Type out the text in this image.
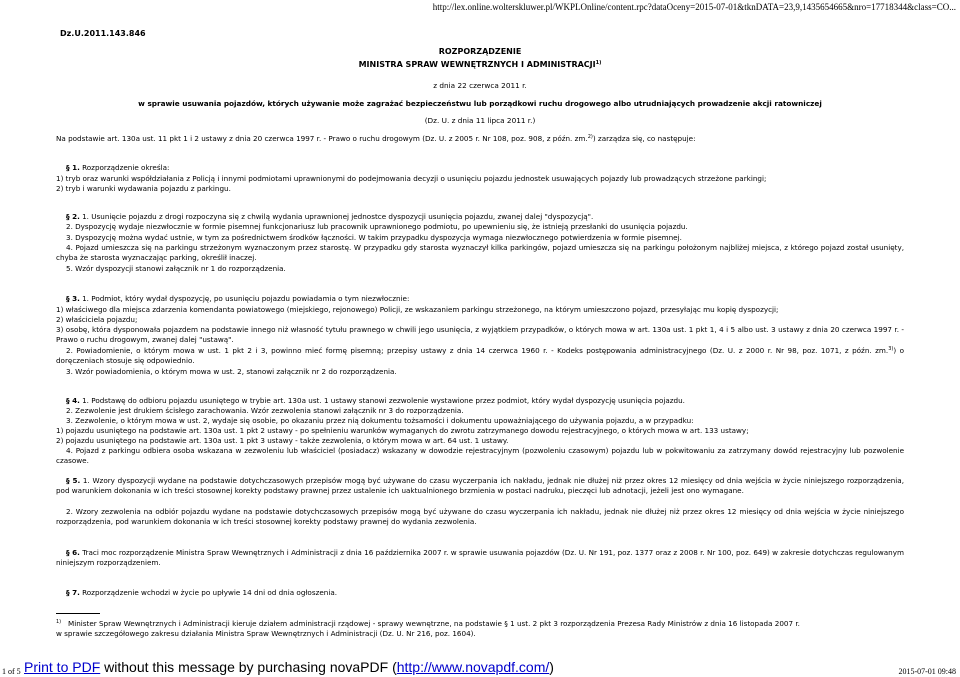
http://lex.online.wolterskluwer.pl/WKPLOnline/content.rpc?dataOceny=2015-07-01&tknDATA=23,9,1435654665&nro=17718344&class=CO...
Dz.U.2011.143.846
ROZPORZĄDZENIE
MINISTRA SPRAW WEWNĘTRZNYCH I ADMINISTRACJI$^{1)}$
z dnia 22 czerwca 2011 r.
w sprawie usuwania pojazdów, których używanie może zagrażać bezpieczeństwu lub porządkowi ruchu drogowego albo utrudniających prowadzenie akcji ratowniczej
(Dz. U. z dnia 11 lipca 2011 r.)
Na podstawie art. 130a ust. 11 pkt 1 i 2 ustawy z dnia 20 czerwca 1997 r. - Prawo o ruchu drogowym (Dz. U. z 2005 r. Nr 108, poz. 908, z późn. zm.$^{2)}$) zarządza się, co następuje:
§ 1. Rozporządzenie określa:
1) tryb oraz warunki współdziałania z Policją i innymi podmiotami uprawnionymi do podejmowania decyzji o usunięciu pojazdu jednostek usuwających pojazdy lub prowadzących strzeżone parkingi;
2) tryb i warunki wydawania pojazdu z parkingu.
§ 2. 1. Usunięcie pojazdu z drogi rozpoczyna się z chwilą wydania uprawnionej jednostce dyspozycji usunięcia pojazdu, zwanej dalej "dyspozycją".
2. Dyspozycję wydaje niezwłocznie w formie pisemnej funkcjonariusz lub pracownik uprawnionego podmiotu, po upewnieniu się, że istnieją przesłanki do usunięcia pojazdu.
3. Dyspozycję można wydać ustnie, w tym za pośrednictwem środków łączności. W takim przypadku dyspozycja wymaga niezwłocznego potwierdzenia w formie pisemnej.
4. Pojazd umieszcza się na parkingu strzeżonym wyznaczonym przez starostę. W przypadku gdy starosta wyznaczył kilka parkingów, pojazd umieszcza się na parkingu położonym najbliżej miejsca, z którego pojazd został usunięty, chyba że starosta wyznaczając parking, określił inaczej.
5. Wzór dyspozycji stanowi załącznik nr 1 do rozporządzenia.
§ 3. 1. Podmiot, który wydał dyspozycję, po usunięciu pojazdu powiadamia o tym niezwłocznie:
1) właściwego dla miejsca zdarzenia komendanta powiatowego (miejskiego, rejonowego) Policji, ze wskazaniem parkingu strzeżonego, na którym umieszczono pojazd, przesyłając mu kopię dyspozycji;
2) właściciela pojazdu;
3) osobę, która dysponowała pojazdem na podstawie innego niż własność tytułu prawnego w chwili jego usunięcia, z wyjątkiem przypadków, o których mowa w art. 130a ust. 1 pkt 1, 4 i 5 albo ust. 3 ustawy z dnia 20 czerwca 1997 r. - Prawo o ruchu drogowym, zwanej dalej "ustawą".
2. Powiadomienie, o którym mowa w ust. 1 pkt 2 i 3, powinno mieć formę pisemną; przepisy ustawy z dnia 14 czerwca 1960 r. - Kodeks postępowania administracyjnego (Dz. U. z 2000 r. Nr 98, poz. 1071, z późn. zm.$^{3)}$) o doręczeniach stosuje się odpowiednio.
3. Wzór powiadomienia, o którym mowa w ust. 2, stanowi załącznik nr 2 do rozporządzenia.
§ 4. 1. Podstawę do odbioru pojazdu usuniętego w trybie art. 130a ust. 1 ustawy stanowi zezwolenie wystawione przez podmiot, który wydał dyspozycję usunięcia pojazdu.
2. Zezwolenie jest drukiem ścisłego zarachowania. Wzór zezwolenia stanowi załącznik nr 3 do rozporządzenia.
3. Zezwolenie, o którym mowa w ust. 2, wydaje się osobie, po okazaniu przez nią dokumentu tożsamości i dokumentu upoważniającego do używania pojazdu, a w przypadku:
1) pojazdu usuniętego na podstawie art. 130a ust. 1 pkt 2 ustawy - po spełnieniu warunków wymaganych do zwrotu zatrzymanego dowodu rejestracyjnego, o których mowa w art. 133 ustawy;
2) pojazdu usuniętego na podstawie art. 130a ust. 1 pkt 3 ustawy - także zezwolenia, o którym mowa w art. 64 ust. 1 ustawy.
4. Pojazd z parkingu odbiera osoba wskazana w zezwoleniu lub właściciel (posiadacz) wskazany w dowodzie rejestracyjnym (pozwoleniu czasowym) pojazdu lub w pokwitowaniu za zatrzymany dowód rejestracyjny lub pozwolenie czasowe.
§ 5. 1. Wzory dyspozycji wydane na podstawie dotychczasowych przepisów mogą być używane do czasu wyczerpania ich nakładu, jednak nie dłużej niż przez okres 12 miesięcy od dnia wejścia w życie niniejszego rozporządzenia, pod warunkiem dokonania w ich treści stosownej korekty podstawy prawnej przez ustalenie ich uaktualnionego brzmienia w postaci nadruku, pieczęci lub adnotacji, jeżeli jest ono wymagane.
2. Wzory zezwolenia na odbiór pojazdu wydane na podstawie dotychczasowych przepisów mogą być używane do czasu wyczerpania ich nakładu, jednak nie dłużej niż przez okres 12 miesięcy od dnia wejścia w życie niniejszego rozporządzenia, pod warunkiem dokonania w ich treści stosownej korekty podstawy prawnej do wydania zezwolenia.
§ 6. Traci moc rozporządzenie Ministra Spraw Wewnętrznych i Administracji z dnia 16 października 2007 r. w sprawie usuwania pojazdów (Dz. U. Nr 191, poz. 1377 oraz z 2008 r. Nr 100, poz. 649) w zakresie dotychczas regulowanym niniejszym rozporządzeniem.
§ 7. Rozporządzenie wchodzi w życie po upływie 14 dni od dnia ogłoszenia.
$^{1)}$ Minister Spraw Wewnętrznych i Administracji kieruje działem administracji rządowej - sprawy wewnętrzne, na podstawie § 1 ust. 2 pkt 3 rozporządzenia Prezesa Rady Ministrów z dnia 16 listopada 2007 r.
w sprawie szczegółowego zakresu działania Ministra Spraw Wewnętrznych i Administracji (Dz. U. Nr 216, poz. 1604).
1 of 5 Print to PDF without this message by purchasing novaPDF (http://www.novapdf.com/)	2015-07-01 09:48
